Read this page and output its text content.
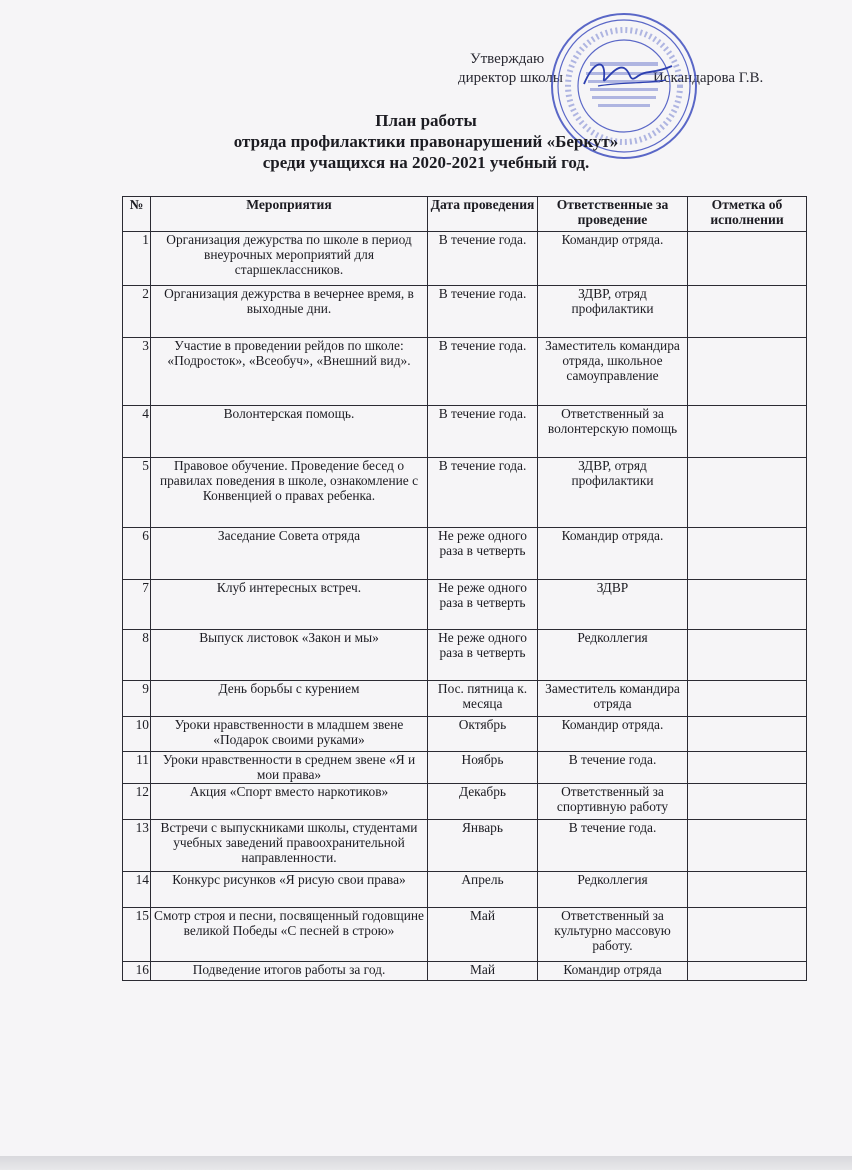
Утверждаю
директор школы	Искандарова Г.В.
План работы
отряда профилактики правонарушений «Беркут»
среди учащихся на 2020-2021 учебный год.
№	Мероприятия	Дата проведения	Ответственные за проведение	Отметка об исполнении
1	Организация дежурства по школе в период внеурочных мероприятий для старшеклассников.	В течение года.	Командир отряда.	
2	Организация дежурства в вечернее время, в выходные дни.	В течение года.	ЗДВР, отряд профилактики	
3	Участие в проведении рейдов по школе: «Подросток», «Всеобуч», «Внешний вид».	В течение года.	Заместитель командира отряда, школьное самоуправление	
4	Волонтерская помощь.	В течение года.	Ответственный за волонтерскую помощь	
5	Правовое обучение. Проведение бесед о правилах поведения в школе, ознакомление с Конвенцией о правах ребенка.	В течение года.	ЗДВР, отряд профилактики	
6	Заседание Совета отряда	Не реже одного раза в четверть	Командир отряда.	
7	Клуб интересных встреч.	Не реже одного раза в четверть	ЗДВР	
8	Выпуск листовок «Закон и мы»	Не реже одного раза в четверть	Редколлегия	
9	День борьбы с курением	Пос. пятница к. месяца	Заместитель командира отряда	
10	Уроки нравственности в младшем звене «Подарок своими руками»	Октябрь	Командир отряда.	
11	Уроки нравственности в среднем звене «Я и мои права»	Ноябрь	В течение года.	
12	Акция «Спорт вместо наркотиков»	Декабрь	Ответственный за спортивную работу	
13	Встречи с выпускниками школы, студентами учебных заведений правоохранительной направленности.	Январь	В течение года.	
14	Конкурс рисунков «Я рисую свои права»	Апрель	Редколлегия	
15	Смотр строя и песни, посвященный годовщине великой Победы «С песней в строю»	Май	Ответственный за культурно массовую работу.	
16	Подведение итогов работы за год.	Май	Командир отряда	
